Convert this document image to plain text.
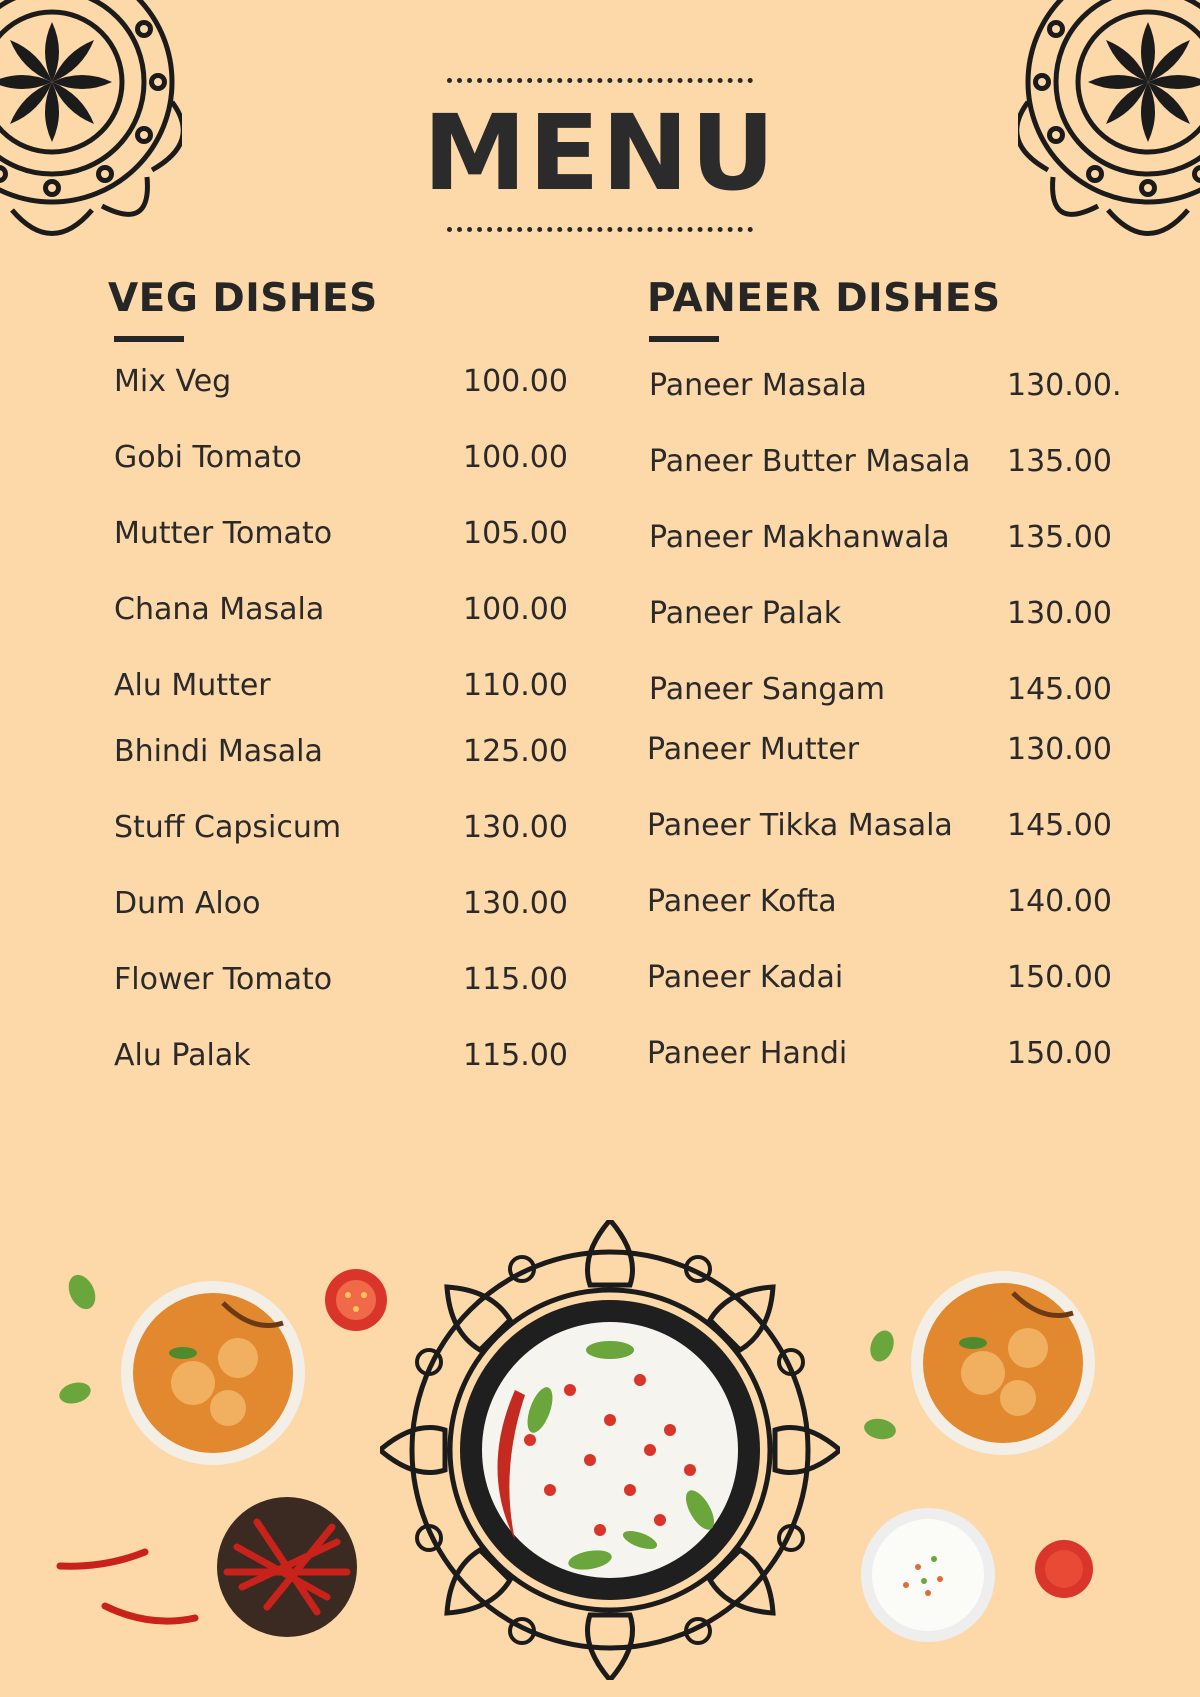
MENU
VEG DISHES
Mix Veg	100.00
Gobi Tomato	100.00
Mutter Tomato	105.00
Chana Masala	100.00
Alu Mutter	110.00
Bhindi Masala	125.00
Stuff Capsicum	130.00
Dum Aloo	130.00
Flower Tomato	115.00
Alu Palak	115.00
PANEER DISHES
Paneer Masala	130.00.
Paneer Butter Masala 135.00
Paneer Makhanwala 135.00
Paneer Palak	130.00
Paneer Sangam	145.00
Paneer Mutter	130.00
Paneer Tikka Masala 145.00
Paneer Kofta	140.00
Paneer Kadai	150.00
Paneer Handi	150.00
